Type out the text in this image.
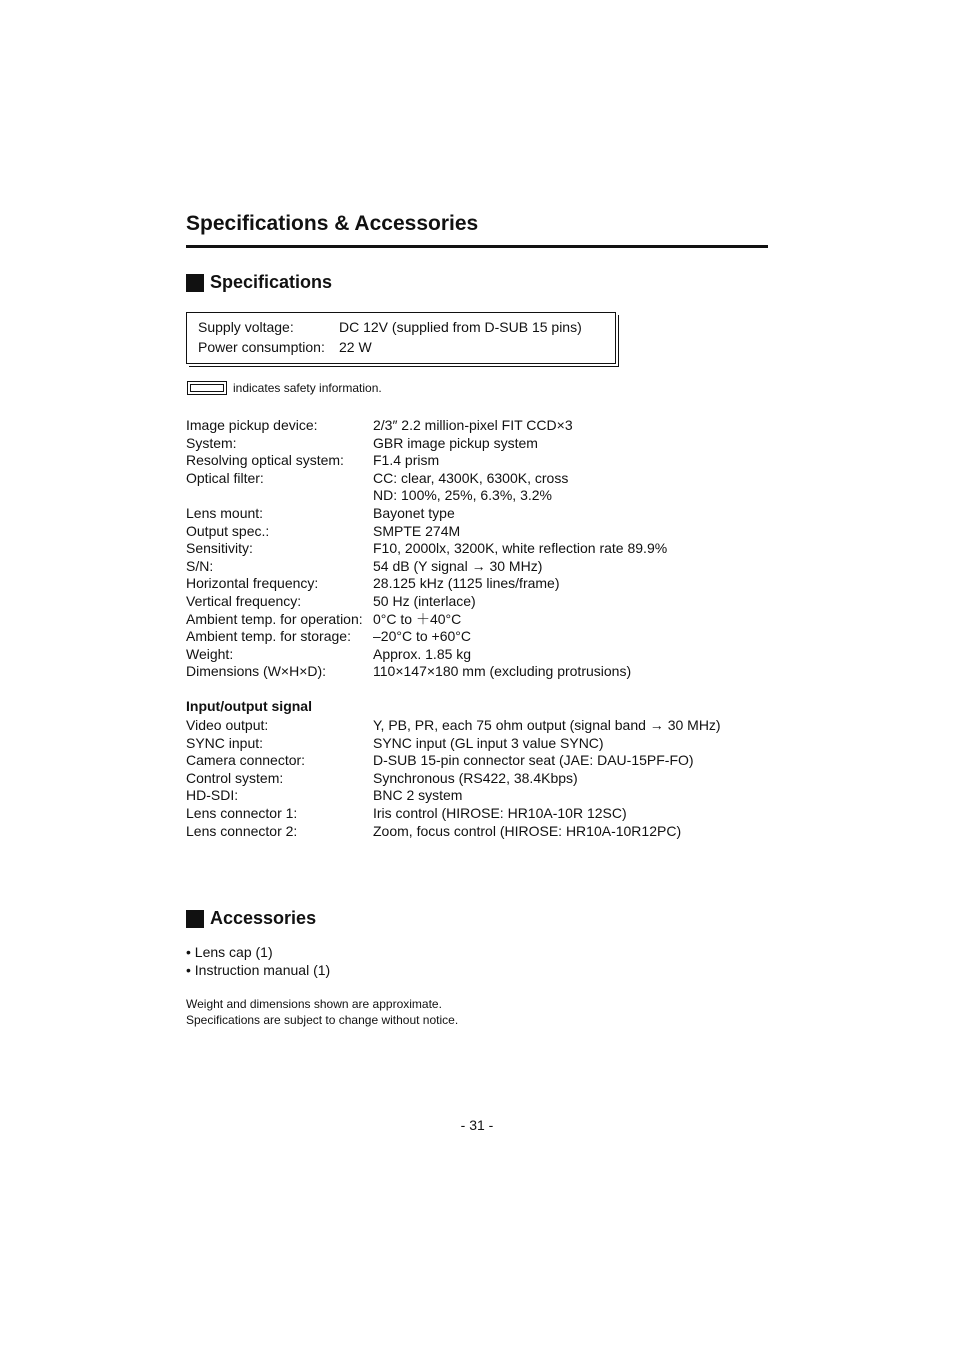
Specifications & Accessories
Specifications
Supply voltage:	DC 12V (supplied from D-SUB 15 pins)
Power consumption: 22 W
indicates safety information.
Image pickup device:	2/3″ 2.2 million-pixel FIT CCD×3
System:	GBR image pickup system
Resolving optical system: F1.4 prism
Optical filter:	CC: clear, 4300K, 6300K, cross
ND: 100%, 25%, 6.3%, 3.2%
Lens mount:	Bayonet type
Output spec.:	SMPTE 274M
Sensitivity:	F10, 2000lx, 3200K, white reflection rate 89.9%
S/N:	54 dB (Y signal → 30 MHz)
Horizontal frequency:	28.125 kHz (1125 lines/frame)
Vertical frequency:	50 Hz (interlace)
Ambient temp. for operation: 0°C to ＋40°C
Ambient temp. for storage: –20°C to +60°C
Weight:	Approx. 1.85 kg
Dimensions (W×H×D):	110×147×180 mm (excluding protrusions)
Input/output signal
Video output:	Y, PB, PR, each 75 ohm output (signal band → 30 MHz)
SYNC input:	SYNC input (GL input 3 value SYNC)
Camera connector:	D-SUB 15-pin connector seat (JAE: DAU-15PF-FO)
Control system:	Synchronous (RS422, 38.4Kbps)
HD-SDI:	BNC 2 system
Lens connector 1:	Iris control (HIROSE: HR10A-10R 12SC)
Lens connector 2:	Zoom, focus control (HIROSE: HR10A-10R12PC)
Accessories
• Lens cap (1)
• Instruction manual (1)
Weight and dimensions shown are approximate.
Specifications are subject to change without notice.
- 31 -
